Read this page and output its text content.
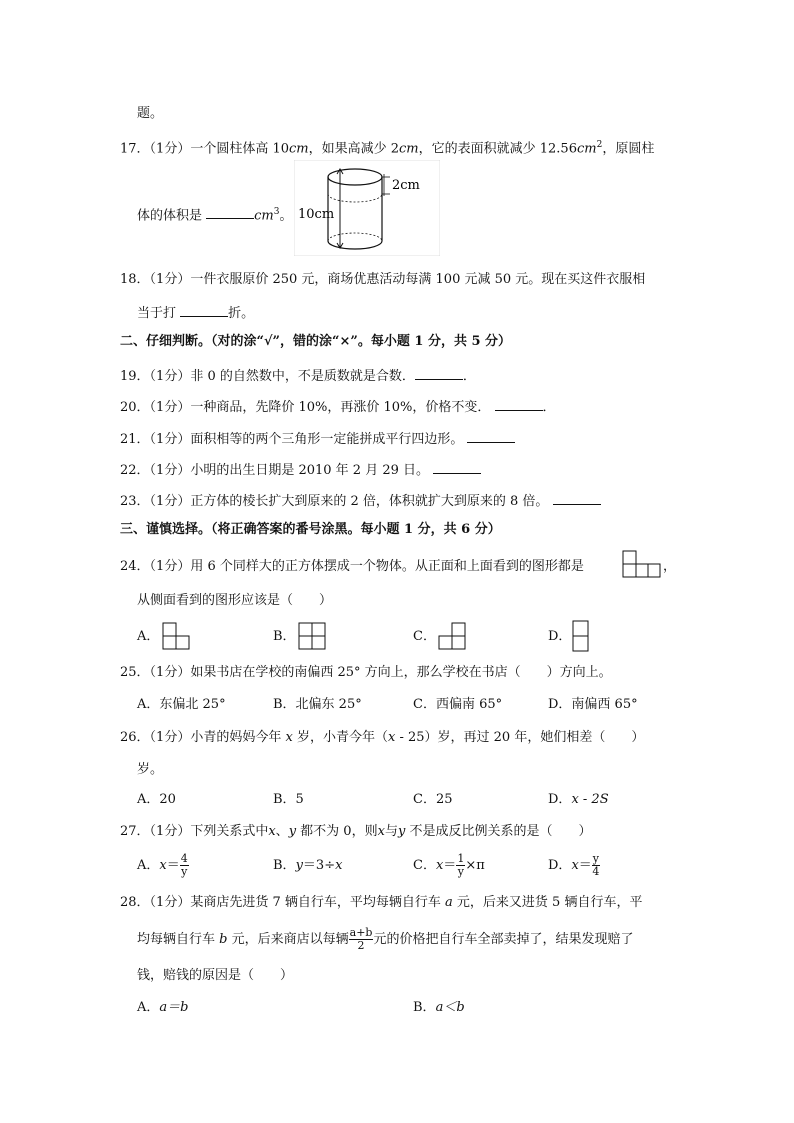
题。
17．（1分）一个圆柱体高 10cm，如果高减少 2cm，它的表面积就减少 $12.56cm^2$，原圆柱
体的体积是	$cm^3$。
2cm
10cm
18．（1分）一件衣服原价 250 元，商场优惠活动每满 100 元减 50 元。现在买这件衣服相
当于打	折。
二、仔细判断。（对的涂“√”，错的涂“×”。每小题 1 分，共 5 分）
19．（1分）非 0 的自然数中，不是质数就是合数．	．
20．（1分）一种商品，先降价 10%，再涨价 10%，价格不变．	．
21．（1分）面积相等的两个三角形一定能拼成平行四边形。
22．（1分）小明的出生日期是 2010 年 2 月 29 日。
23．（1分）正方体的棱长扩大到原来的 2 倍，体积就扩大到原来的 8 倍。
三、谨慎选择。（将正确答案的番号涂黑。每小题 1 分，共 6 分）
24．（1分）用 6 个同样大的正方体摆成一个物体。从正面和上面看到的图形都是	，
从侧面看到的图形应该是（　　）
A．	B．	C．	D．
25．（1分）如果书店在学校的南偏西 25° 方向上，那么学校在书店（　　）方向上。
A．东偏北 25°	B．北偏东 25°	C．西偏南 65°	D．南偏西 65°
26．（1分）小青的妈妈今年 x 岁，小青今年（x - 25）岁，再过 20 年，她们相差（　　）
岁。
A．20	B．5	C．25	D．x - 2S
27．（1分）下列关系式中x、y 都不为 0，则x与y 不是成反比例关系的是（　　）
A．$x= \frac{4}{y}$	B．y＝3÷x	C．$x= \frac{1}{y} \times\pi$	D．$x= \frac{y}{4}$
28．（1分）某商店先进货 7 辆自行车，平均每辆自行车 a 元，后来又进货 5 辆自行车，平
均每辆自行车 b 元，后来商店以每辆 $\frac{a+b}{2}$ 元的价格把自行车全部卖掉了，结果发现赔了
钱，赔钱的原因是（　　）
A．a＝b	B．a＜b
